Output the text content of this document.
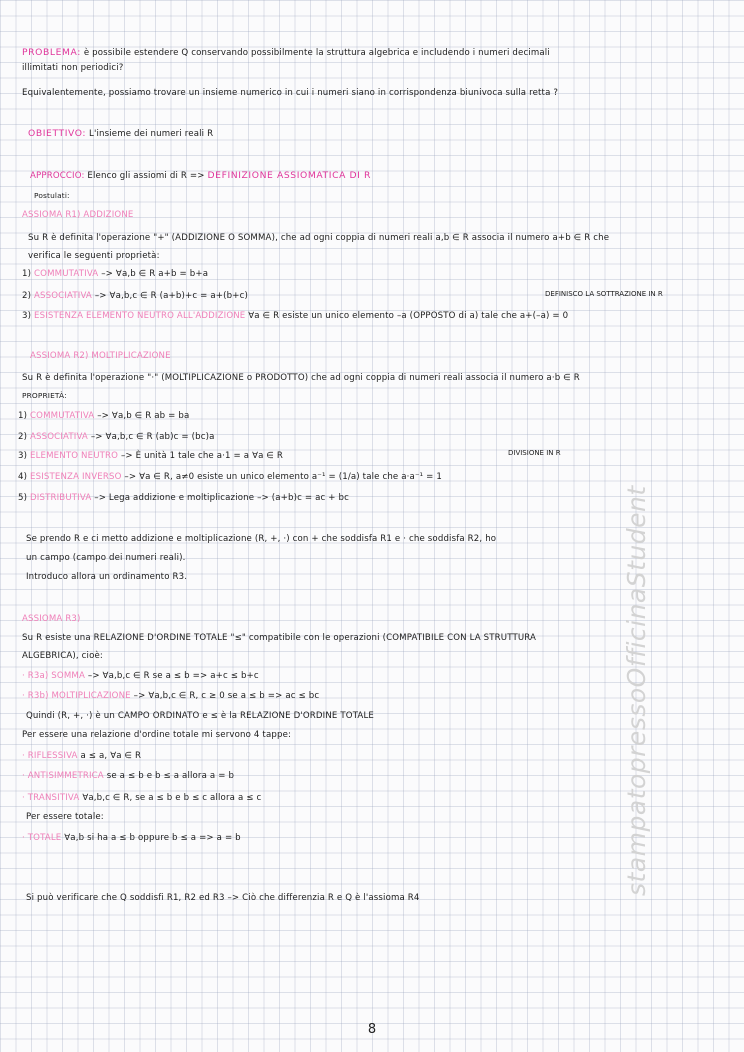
PROBLEMA: è possibile estendere Q conservando possibilmente la struttura algebrica e includendo i numeri decimali
illimitati non periodici?
Equivalentemente, possiamo trovare un insieme numerico in cui i numeri siano in corrispondenza biunivoca sulla retta ?
OBIETTIVO: L'insieme dei numeri reali R
APPROCCIO: Elenco gli assiomi di R => DEFINIZIONE ASSIOMATICA DI R
Postulati:
ASSIOMA R1) ADDIZIONE
Su R è definita l'operazione "+" (ADDIZIONE O SOMMA), che ad ogni coppia di numeri reali a,b ∈ R associa il numero a+b ∈ R che
verifica le seguenti proprietà:
1) COMMUTATIVA –> ∀a,b ∈ R a+b = b+a
2) ASSOCIATIVA –> ∀a,b,c ∈ R (a+b)+c = a+(b+c)	DEFINISCO LA SOTTRAZIONE IN R
3) ESISTENZA ELEMENTO NEUTRO ALL'ADDIZIONE ∀a ∈ R esiste un unico elemento –a (OPPOSTO di a) tale che a+(–a) = 0
ASSIOMA R2) MOLTIPLICAZIONE
Su R è definita l'operazione "·" (MOLTIPLICAZIONE o PRODOTTO) che ad ogni coppia di numeri reali associa il numero a·b ∈ R
PROPRIETÀ:
1) COMMUTATIVA –> ∀a,b ∈ R ab = ba
2) ASSOCIATIVA –> ∀a,b,c ∈ R (ab)c = (bc)a
3) ELEMENTO NEUTRO –> È unità 1 tale che a·1 = a ∀a ∈ R	DIVISIONE IN R
4) ESISTENZA INVERSO –> ∀a ∈ R, a≠0 esiste un unico elemento a⁻¹ = (1/a) tale che a·a⁻¹ = 1
5) DISTRIBUTIVA –> Lega addizione e moltiplicazione –> (a+b)c = ac + bc
Se prendo R e ci metto addizione e moltiplicazione (R, +, ·) con + che soddisfa R1 e · che soddisfa R2, ho
un campo (campo dei numeri reali).
Introduco allora un ordinamento R3.
ASSIOMA R3)
Su R esiste una RELAZIONE D'ORDINE TOTALE "≤" compatibile con le operazioni (COMPATIBILE CON LA STRUTTURA
ALGEBRICA), cioè:
· R3a) SOMMA –> ∀a,b,c ∈ R se a ≤ b => a+c ≤ b+c
· R3b) MOLTIPLICAZIONE –> ∀a,b,c ∈ R, c ≥ 0 se a ≤ b => ac ≤ bc
Quindi (R, +, ·) è un CAMPO ORDINATO e ≤ è la RELAZIONE D'ORDINE TOTALE
Per essere una relazione d'ordine totale mi servono 4 tappe:
· RIFLESSIVA a ≤ a, ∀a ∈ R
· ANTISIMMETRICA se a ≤ b e b ≤ a allora a = b
· TRANSITIVA ∀a,b,c ∈ R, se a ≤ b e b ≤ c allora a ≤ c
Per essere totale:
· TOTALE ∀a,b si ha a ≤ b oppure b ≤ a => a = b
Si può verificare che Q soddisfi R1, R2 ed R3 –> Ciò che differenzia R e Q è l'assioma R4
stampatopressoOfficinaStudent
8
